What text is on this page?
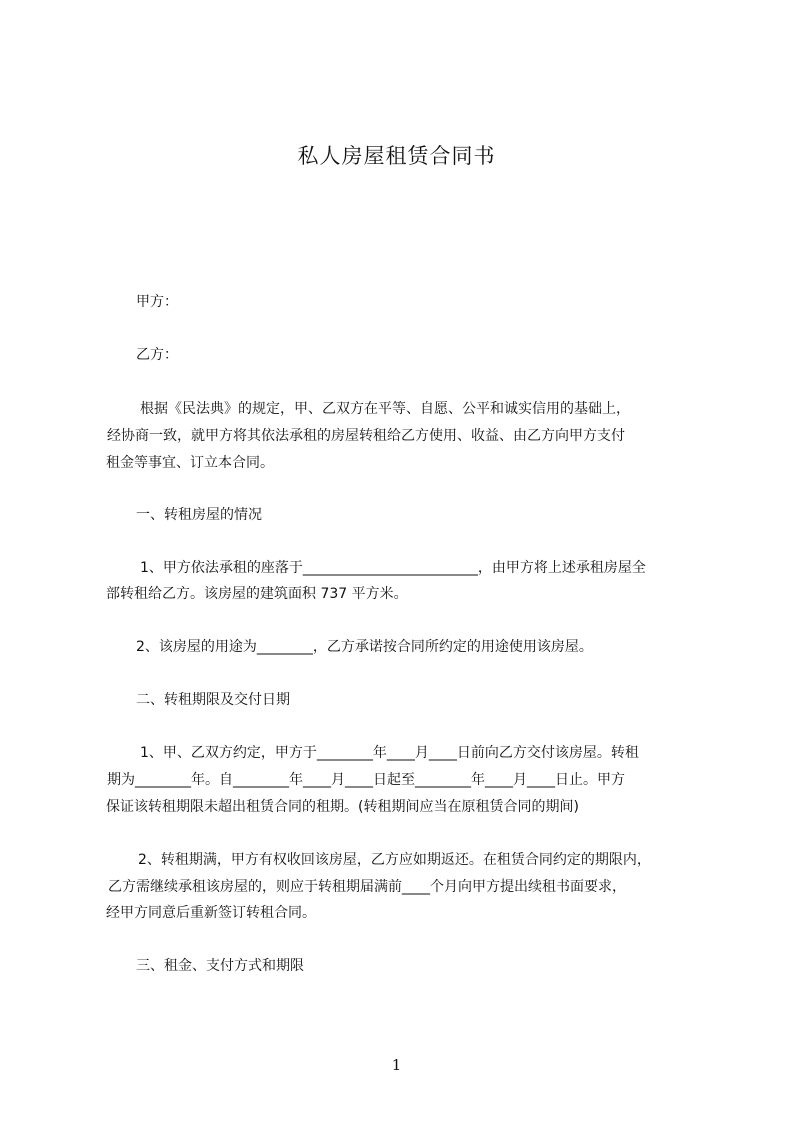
私人房屋租赁合同书
甲方：
乙方：
根据《民法典》的规定，甲、乙双方在平等、自愿、公平和诚实信用的基础上，
经协商一致，就甲方将其依法承租的房屋转租给乙方使用、收益、由乙方向甲方支付
租金等事宜、订立本合同。
一、转租房屋的情况
1、甲方依法承租的座落于_________________________，由甲方将上述承租房屋全
部转租给乙方。该房屋的建筑面积 737 平方米。
2、该房屋的用途为________，乙方承诺按合同所约定的用途使用该房屋。
二、转租期限及交付日期
1、甲、乙双方约定，甲方于________年____月____日前向乙方交付该房屋。转租
期为________年。自________年____月____日起至________年____月____日止。甲方
保证该转租期限未超出租赁合同的租期。(转租期间应当在原租赁合同的期间)
2、转租期满，甲方有权收回该房屋，乙方应如期返还。在租赁合同约定的期限内，
乙方需继续承租该房屋的，则应于转租期届满前____个月向甲方提出续租书面要求，
经甲方同意后重新签订转租合同。
三、租金、支付方式和期限
1
